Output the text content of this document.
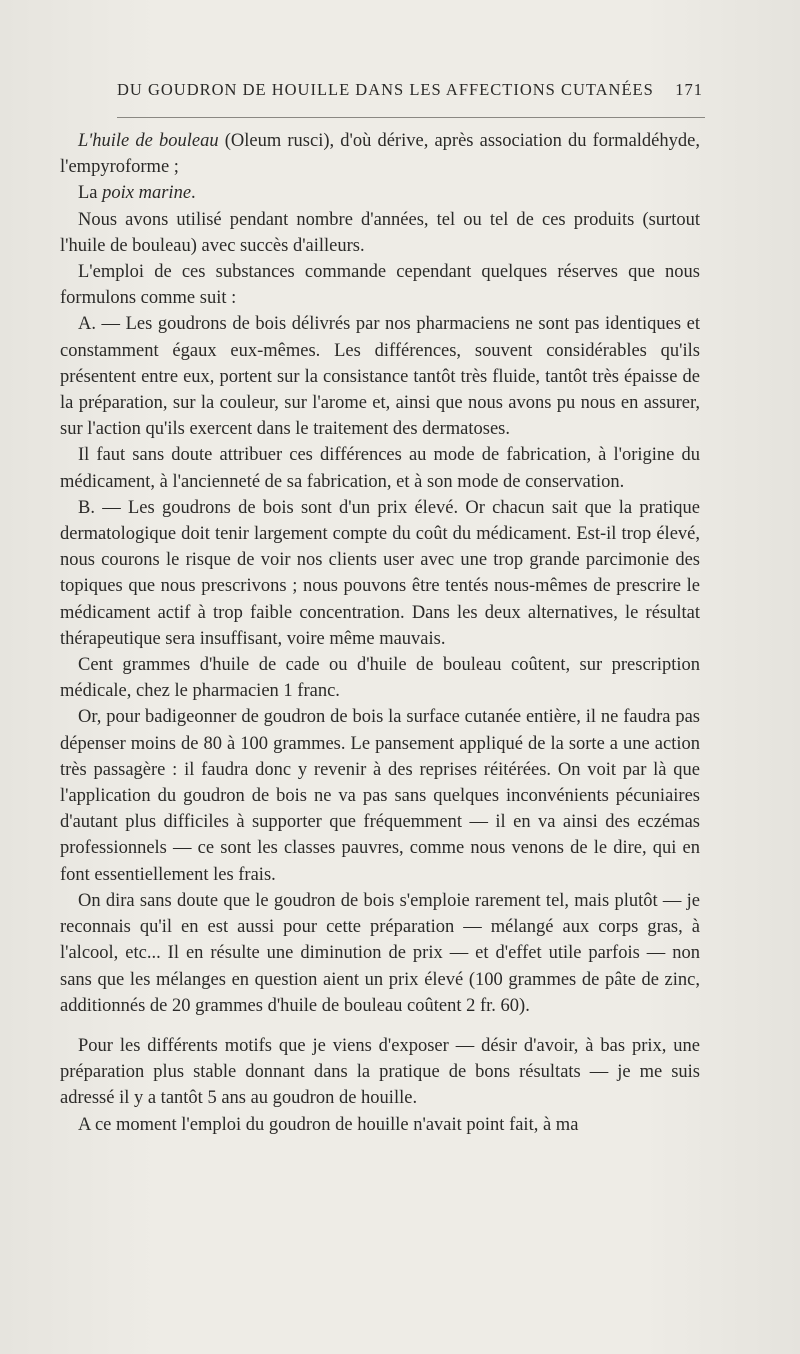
DU GOUDRON DE HOUILLE DANS LES AFFECTIONS CUTANÉES 171

L'huile de bouleau (Oleum rusci), d'où dérive, après association du formaldéhyde, l'empyroforme ;

La poix marine.

Nous avons utilisé pendant nombre d'années, tel ou tel de ces produits (surtout l'huile de bouleau) avec succès d'ailleurs.

L'emploi de ces substances commande cependant quelques réserves que nous formulons comme suit :

A. — Les goudrons de bois délivrés par nos pharmaciens ne sont pas identiques et constamment égaux eux-mêmes. Les différences, souvent considérables qu'ils présentent entre eux, portent sur la consistance tantôt très fluide, tantôt très épaisse de la préparation, sur la couleur, sur l'arome et, ainsi que nous avons pu nous en assurer, sur l'action qu'ils exercent dans le traitement des dermatoses.

Il faut sans doute attribuer ces différences au mode de fabrication, à l'origine du médicament, à l'ancienneté de sa fabrication, et à son mode de conservation.

B. — Les goudrons de bois sont d'un prix élevé. Or chacun sait que la pratique dermatologique doit tenir largement compte du coût du médicament. Est-il trop élevé, nous courons le risque de voir nos clients user avec une trop grande parcimonie des topiques que nous prescrivons ; nous pouvons être tentés nous-mêmes de prescrire le médicament actif à trop faible concentration. Dans les deux alternatives, le résultat thérapeutique sera insuffisant, voire même mauvais.

Cent grammes d'huile de cade ou d'huile de bouleau coûtent, sur prescription médicale, chez le pharmacien 1 franc.

Or, pour badigeonner de goudron de bois la surface cutanée entière, il ne faudra pas dépenser moins de 80 à 100 grammes. Le pansement appliqué de la sorte a une action très passagère : il faudra donc y revenir à des reprises réitérées. On voit par là que l'application du goudron de bois ne va pas sans quelques inconvénients pécuniaires d'autant plus difficiles à supporter que fréquemment — il en va ainsi des eczémas professionnels — ce sont les classes pauvres, comme nous venons de le dire, qui en font essentiellement les frais.

On dira sans doute que le goudron de bois s'emploie rarement tel, mais plutôt — je reconnais qu'il en est aussi pour cette préparation — mélangé aux corps gras, à l'alcool, etc... Il en résulte une diminution de prix — et d'effet utile parfois — non sans que les mélanges en question aient un prix élevé (100 grammes de pâte de zinc, additionnés de 20 grammes d'huile de bouleau coûtent 2 fr. 60).

Pour les différents motifs que je viens d'exposer — désir d'avoir, à bas prix, une préparation plus stable donnant dans la pratique de bons résultats — je me suis adressé il y a tantôt 5 ans au goudron de houille.

A ce moment l'emploi du goudron de houille n'avait point fait, à ma
